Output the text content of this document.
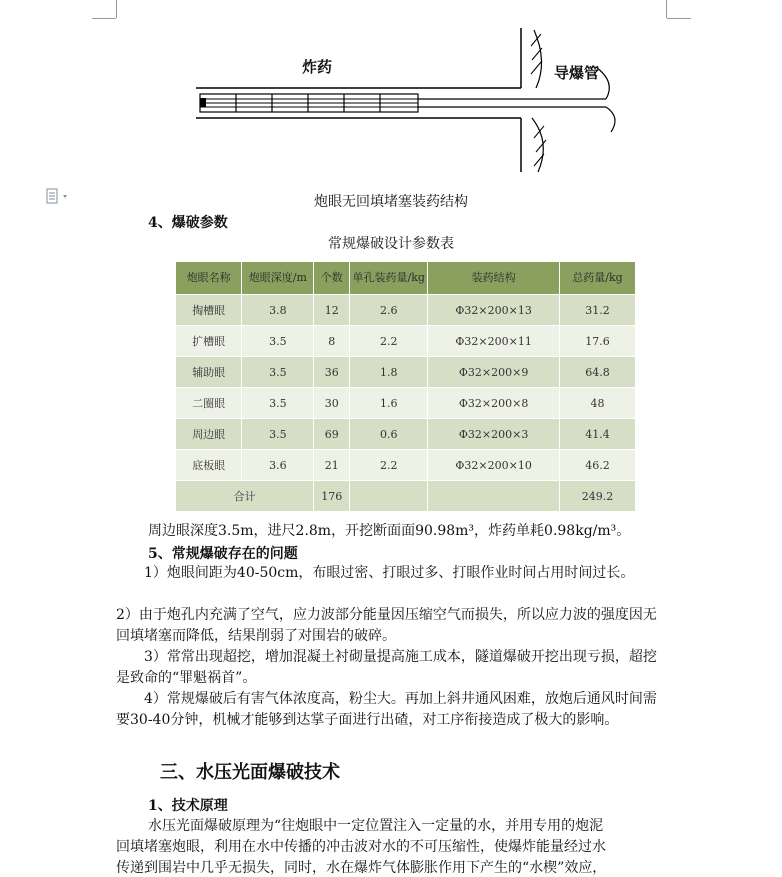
炸药	导爆管
炮眼无回填堵塞装药结构
4、爆破参数
常规爆破设计参数表
炮眼名称	炮眼深度/m	个数	单孔装药量/kg	装药结构	总药量/kg
掏槽眼	3.8	12	2.6	Φ32×200×13	31.2
扩槽眼	3.5	8	2.2	Φ32×200×11	17.6
辅助眼	3.5	36	1.8	Φ32×200×9	64.8
二圈眼	3.5	30	1.6	Φ32×200×8	48
周边眼	3.5	69	0.6	Φ32×200×3	41.4
底板眼	3.6	21	2.2	Φ32×200×10	46.2
合计		176			249.2
周边眼深度3.5m，进尺2.8m，开挖断面面90.98m³，炸药单耗0.98kg/m³。
5、常规爆破存在的问题
1）炮眼间距为40-50cm，布眼过密、打眼过多、打眼作业时间占用时间过长。
2）由于炮孔内充满了空气，应力波部分能量因压缩空气而损失，所以应力波的强度因无回填堵塞而降低，结果削弱了对围岩的破碎。
3）常常出现超挖，增加混凝土衬砌量提高施工成本，隧道爆破开挖出现亏损，超挖是致命的“罪魁祸首”。
4）常规爆破后有害气体浓度高，粉尘大。再加上斜井通风困难，放炮后通风时间需要30-40分钟，机械才能够到达掌子面进行出碴，对工序衔接造成了极大的影响。
三、水压光面爆破技术
1、技术原理
水压光面爆破原理为“往炮眼中一定位置注入一定量的水，并用专用的炮泥
回填堵塞炮眼，利用在水中传播的冲击波对水的不可压缩性，使爆炸能量经过水
传递到围岩中几乎无损失，同时，水在爆炸气体膨胀作用下产生的“水楔”效应，
